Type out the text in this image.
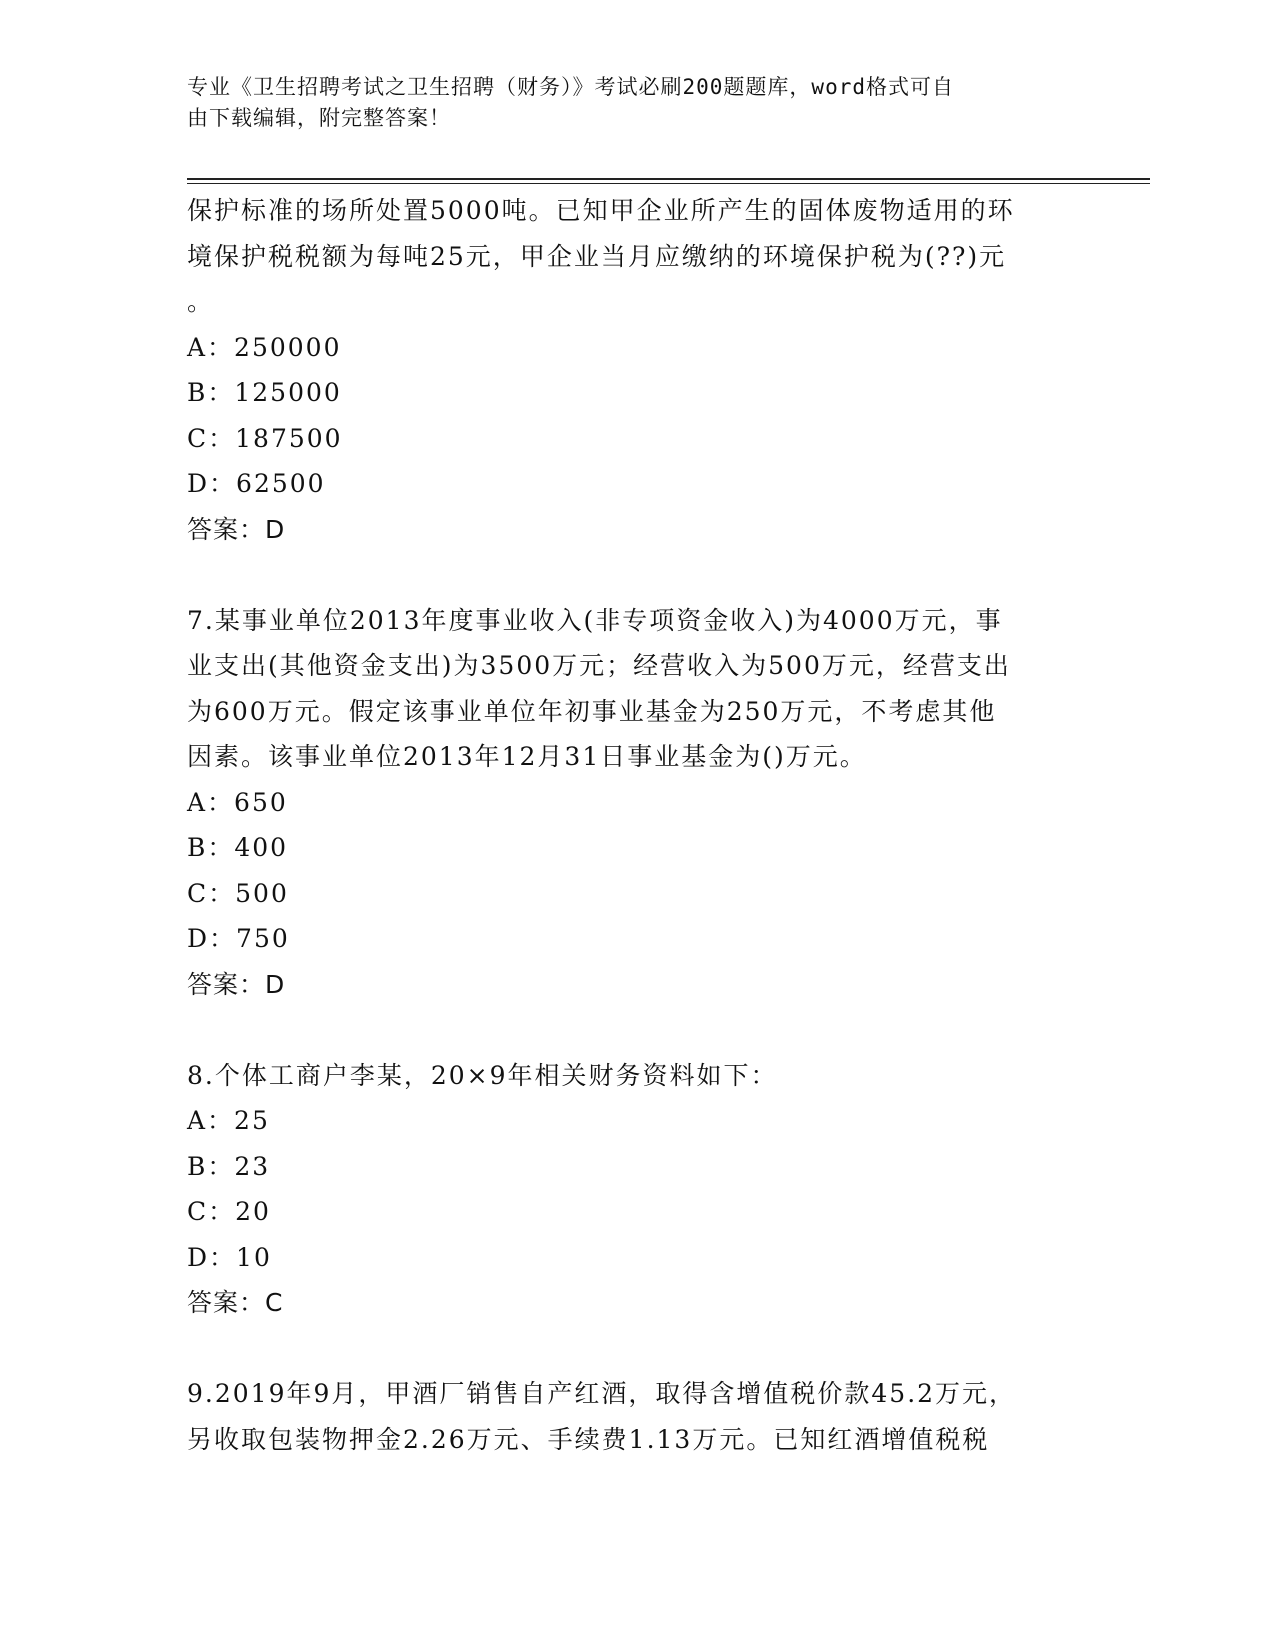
专业《卫生招聘考试之卫生招聘（财务）》考试必刷200题题库，word格式可自
由下载编辑，附完整答案！
保护标准的场所处置5000吨。已知甲企业所产生的固体废物适用的环
境保护税税额为每吨25元，甲企业当月应缴纳的环境保护税为(??)元
。
A：250000
B：125000
C：187500
D：62500
答案：D
7.某事业单位2013年度事业收入(非专项资金收入)为4000万元，事
业支出(其他资金支出)为3500万元；经营收入为500万元，经营支出
为600万元。假定该事业单位年初事业基金为250万元，不考虑其他
因素。该事业单位2013年12月31日事业基金为()万元。
A：650
B：400
C：500
D：750
答案：D
8.个体工商户李某，20×9年相关财务资料如下：
A：25
B：23
C：20
D：10
答案：C
9.2019年9月，甲酒厂销售自产红酒，取得含增值税价款45.2万元，
另收取包装物押金2.26万元、手续费1.13万元。已知红酒增值税税
